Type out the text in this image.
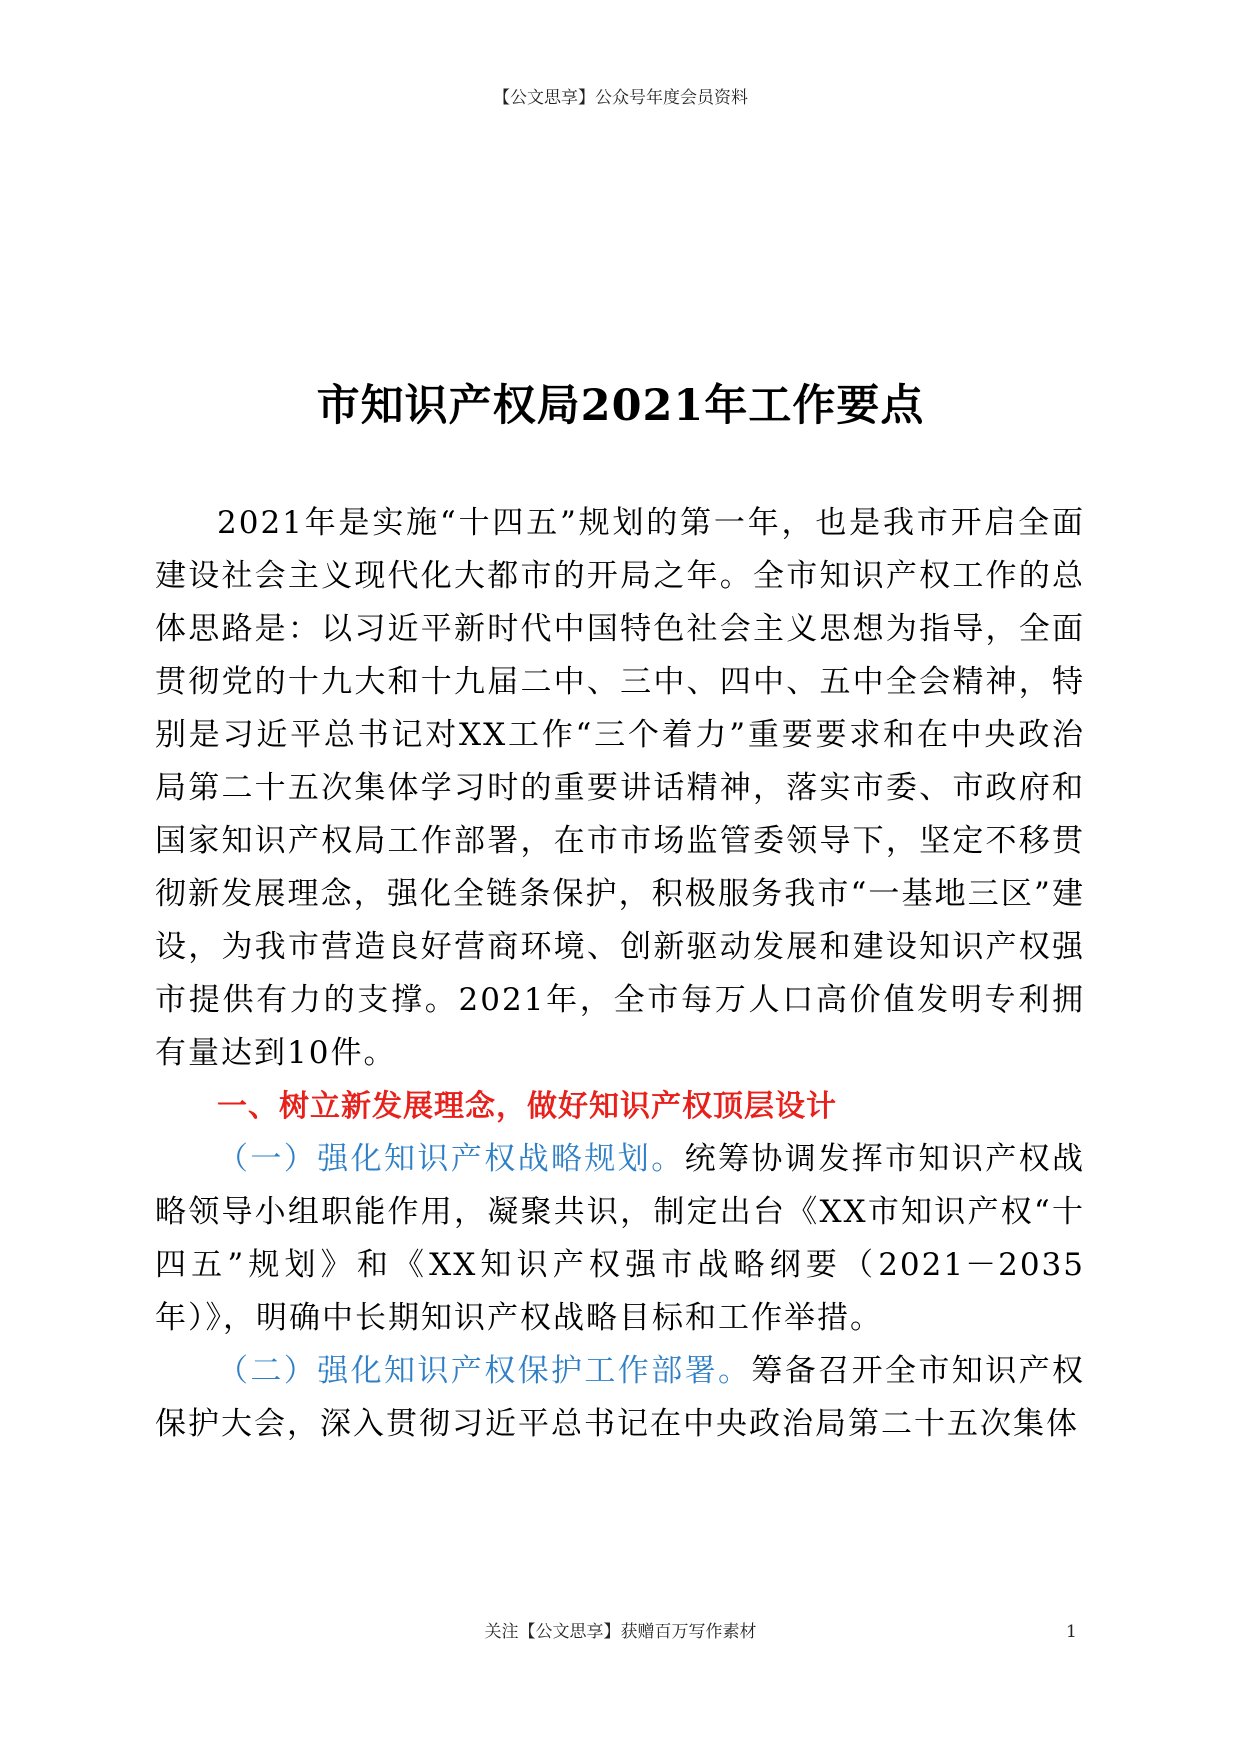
【公文思享】公众号年度会员资料
市知识产权局2021年工作要点

2021年是实施“十四五”规划的第一年，也是我市开启全面建设社会主义现代化大都市的开局之年。全市知识产权工作的总体思路是：以习近平新时代中国特色社会主义思想为指导，全面贯彻党的十九大和十九届二中、三中、四中、五中全会精神，特别是习近平总书记对XX工作“三个着力”重要要求和在中央政治局第二十五次集体学习时的重要讲话精神，落实市委、市政府和国家知识产权局工作部署，在市市场监管委领导下，坚定不移贯彻新发展理念，强化全链条保护，积极服务我市“一基地三区”建设，为我市营造良好营商环境、创新驱动发展和建设知识产权强市提供有力的支撑。2021年，全市每万人口高价值发明专利拥有量达到10件。

一、树立新发展理念，做好知识产权顶层设计

（一）强化知识产权战略规划。统筹协调发挥市知识产权战略领导小组职能作用，凝聚共识，制定出台《XX市知识产权“十四五”规划》和《XX知识产权强市战略纲要（2021－2035年）》，明确中长期知识产权战略目标和工作举措。

（二）强化知识产权保护工作部署。筹备召开全市知识产权保护大会，深入贯彻习近平总书记在中央政治局第二十五次集体

关注【公文思享】获赠百万写作素材	1
